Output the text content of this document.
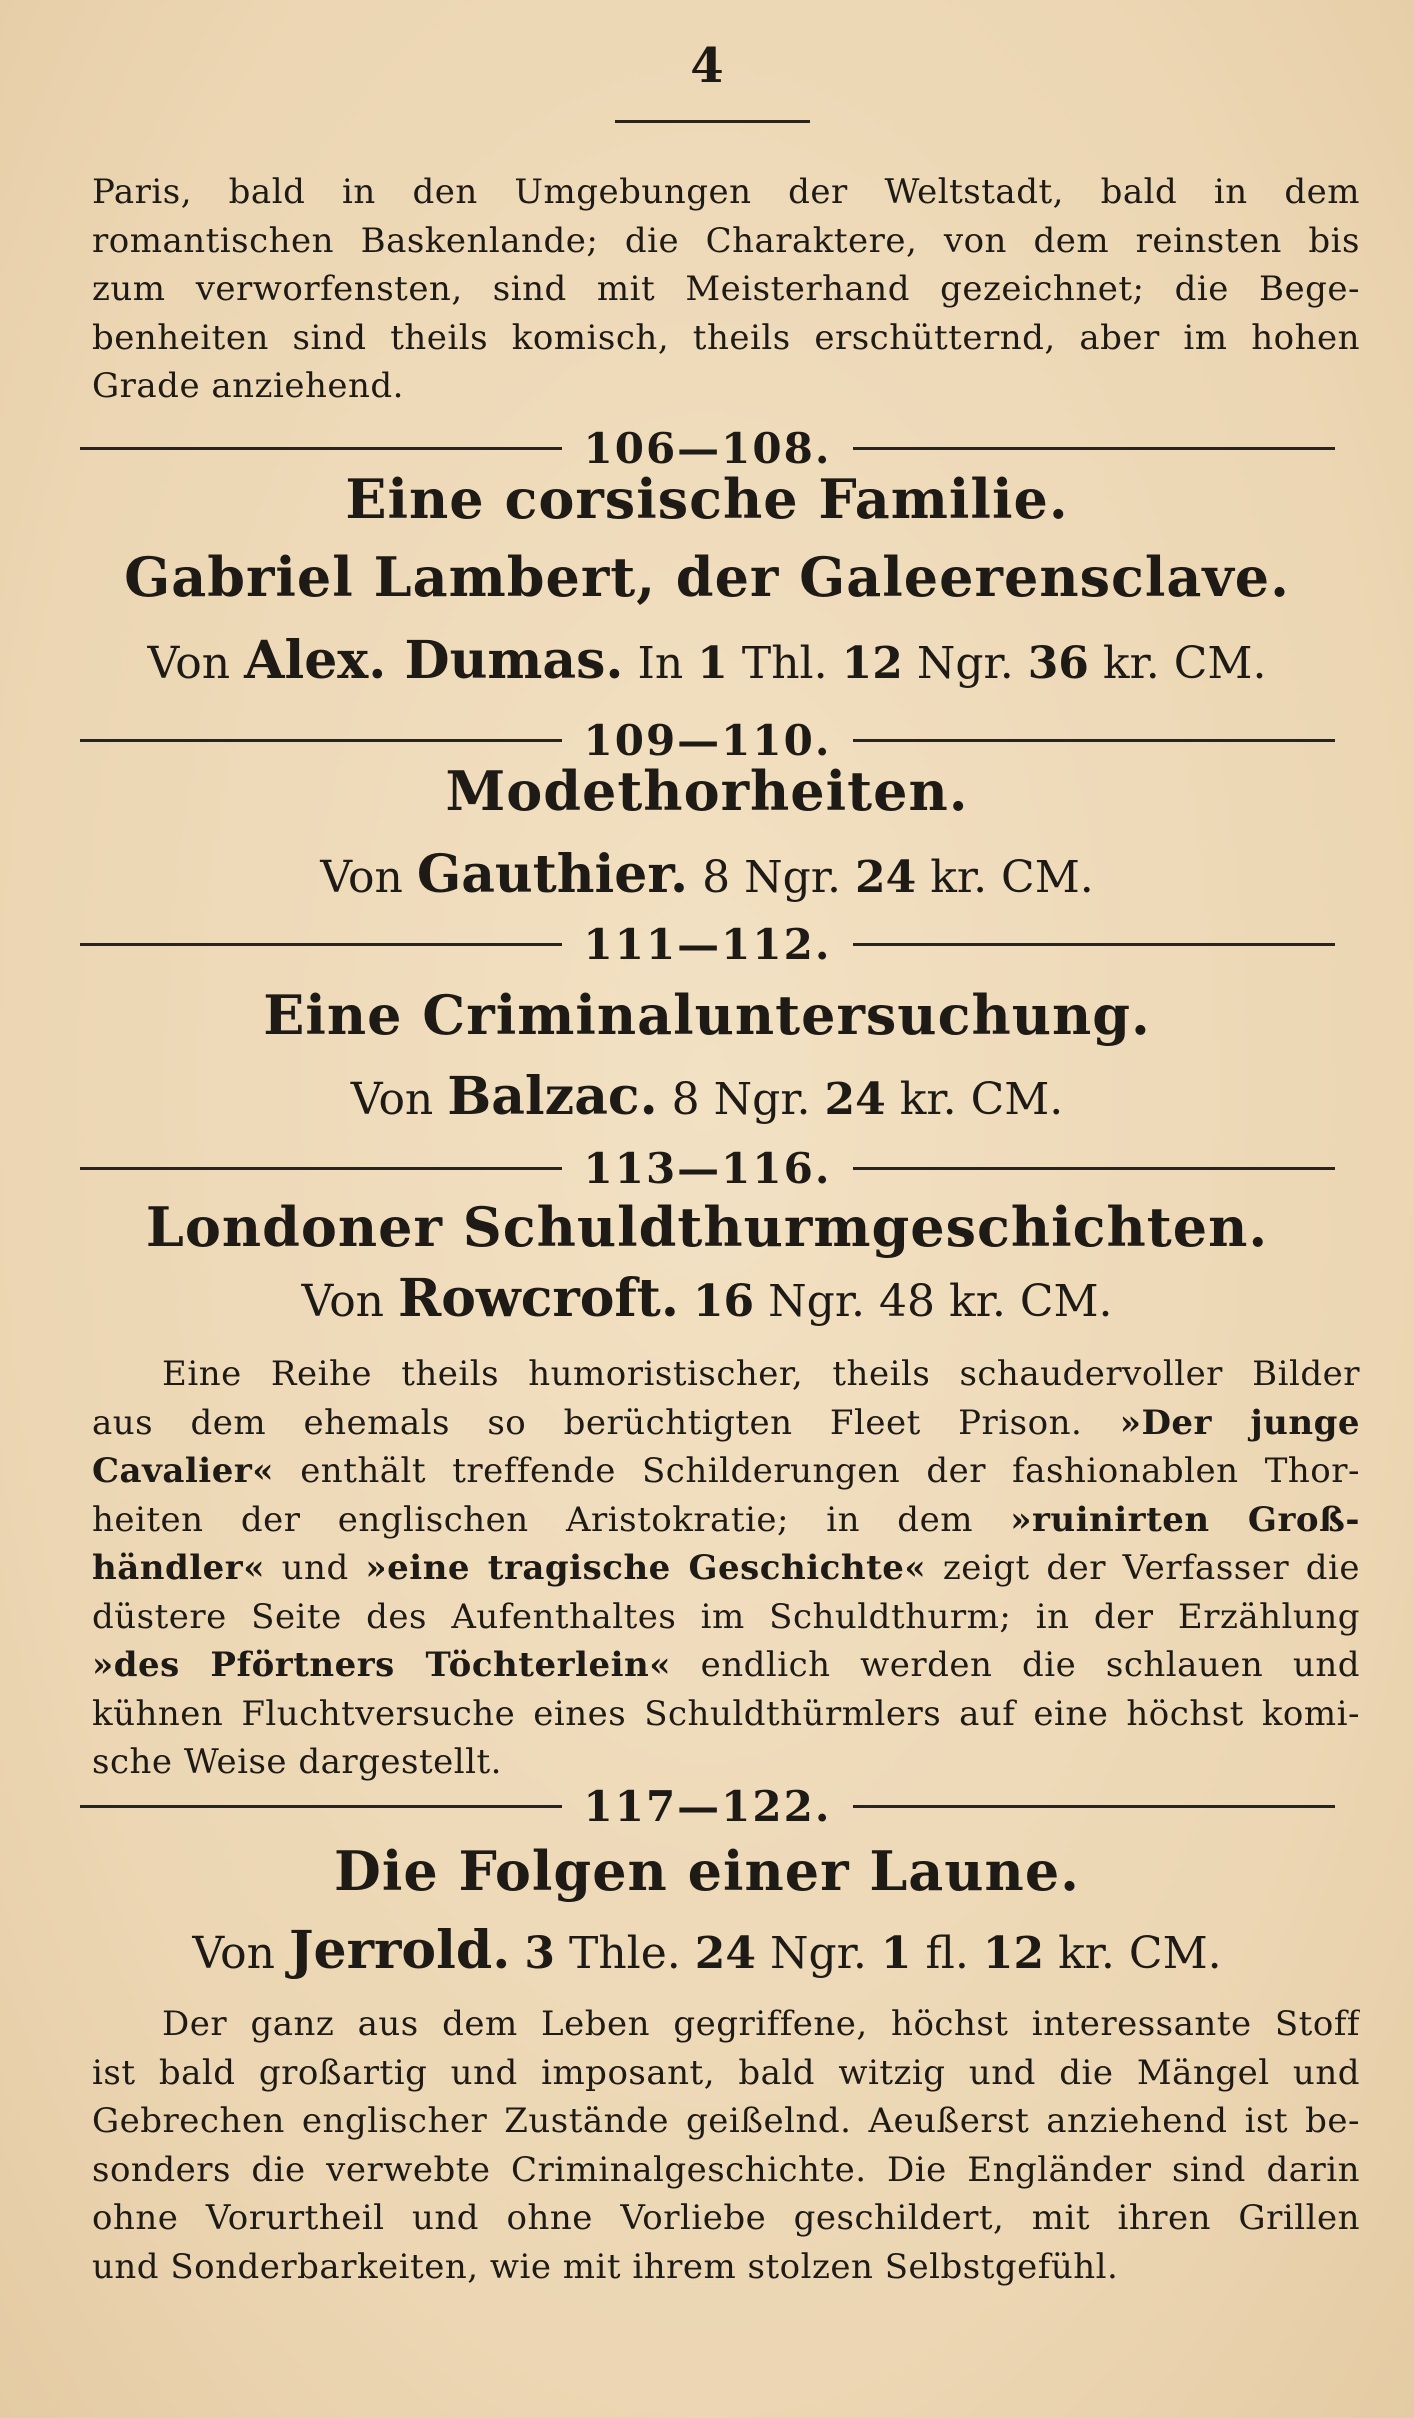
4
Paris, bald in den Umgebungen der Weltstadt, bald in dem
romantischen Baskenlande; die Charaktere, von dem reinsten bis
zum verworfensten, sind mit Meisterhand gezeichnet; die Bege-
benheiten sind theils komisch, theils erschütternd, aber im hohen
Grade anziehend.
106—108.
Eine corsische Familie.
Gabriel Lambert, der Galeerensclave.
Von Alex. Dumas. In 1 Thl. 12 Ngr. 36 kr. CM.
109—110.
Modethorheiten.
Von Gauthier. 8 Ngr. 24 kr. CM.
111—112.
Eine Criminaluntersuchung.
Von Balzac. 8 Ngr. 24 kr. CM.
113—116.
Londoner Schuldthurmgeschichten.
Von Rowcroft. 16 Ngr. 48 kr. CM.
Eine Reihe theils humoristischer, theils schaudervoller Bilder
aus dem ehemals so berüchtigten Fleet Prison. »Der junge
Cavalier« enthält treffende Schilderungen der fashionablen Thor-
heiten der englischen Aristokratie; in dem »ruinirten Groß-
händler« und »eine tragische Geschichte« zeigt der Verfasser die
düstere Seite des Aufenthaltes im Schuldthurm; in der Erzählung
»des Pförtners Töchterlein« endlich werden die schlauen und
kühnen Fluchtversuche eines Schuldthürmlers auf eine höchst komi-
sche Weise dargestellt.
117—122.
Die Folgen einer Laune.
Von Jerrold. 3 Thle. 24 Ngr. 1 fl. 12 kr. CM.
Der ganz aus dem Leben gegriffene, höchst interessante Stoff
ist bald großartig und imposant, bald witzig und die Mängel und
Gebrechen englischer Zustände geißelnd. Aeußerst anziehend ist be-
sonders die verwebte Criminalgeschichte. Die Engländer sind darin
ohne Vorurtheil und ohne Vorliebe geschildert, mit ihren Grillen
und Sonderbarkeiten, wie mit ihrem stolzen Selbstgefühl.
